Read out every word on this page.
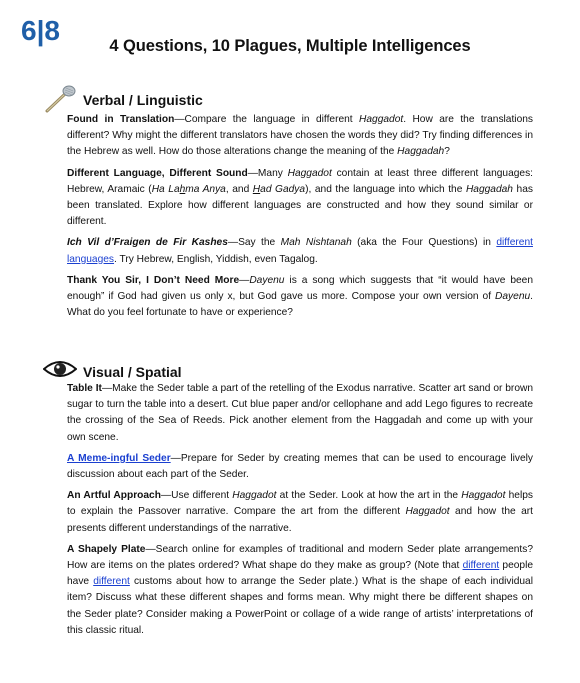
6|8	4 Questions, 10 Plagues, Multiple Intelligences
Verbal / Linguistic

Found in Translation—Compare the language in different Haggadot. How are the translations different? Why might the different translators have chosen the words they did? Try finding differences in the Hebrew as well. How do those alterations change the meaning of the Haggadah?

Different Language, Different Sound—Many Haggadot contain at least three different languages: Hebrew, Aramaic (Ha Lahma Anya, and Had Gadya), and the language into which the Haggadah has been translated. Explore how different languages are constructed and how they sound similar or different.

Ich Vil d’Fraigen de Fir Kashes—Say the Mah Nishtanah (aka the Four Questions) in different languages. Try Hebrew, English, Yiddish, even Tagalog.

Thank You Sir, I Don’t Need More—Dayenu is a song which suggests that “it would have been enough” if God had given us only x, but God gave us more. Compose your own version of Dayenu. What do you feel fortunate to have or experience?

Visual / Spatial

Table It—Make the Seder table a part of the retelling of the Exodus narrative. Scatter art sand or brown sugar to turn the table into a desert. Cut blue paper and/or cellophane and add Lego figures to recreate the crossing of the Sea of Reeds. Pick another element from the Haggadah and come up with your own scene.

A Meme-ingful Seder—Prepare for Seder by creating memes that can be used to encourage lively discussion about each part of the Seder.

An Artful Approach—Use different Haggadot at the Seder. Look at how the art in the Haggadot helps to explain the Passover narrative. Compare the art from the different Haggadot and how the art presents different understandings of the narrative.

A Shapely Plate—Search online for examples of traditional and modern Seder plate arrangements? How are items on the plates ordered? What shape do they make as group? (Note that different people have different customs about how to arrange the Seder plate.) What is the shape of each individual item? Discuss what these different shapes and forms mean. Why might there be different shapes on the Seder plate? Consider making a PowerPoint or collage of a wide range of artists’ interpretations of this classic ritual.
